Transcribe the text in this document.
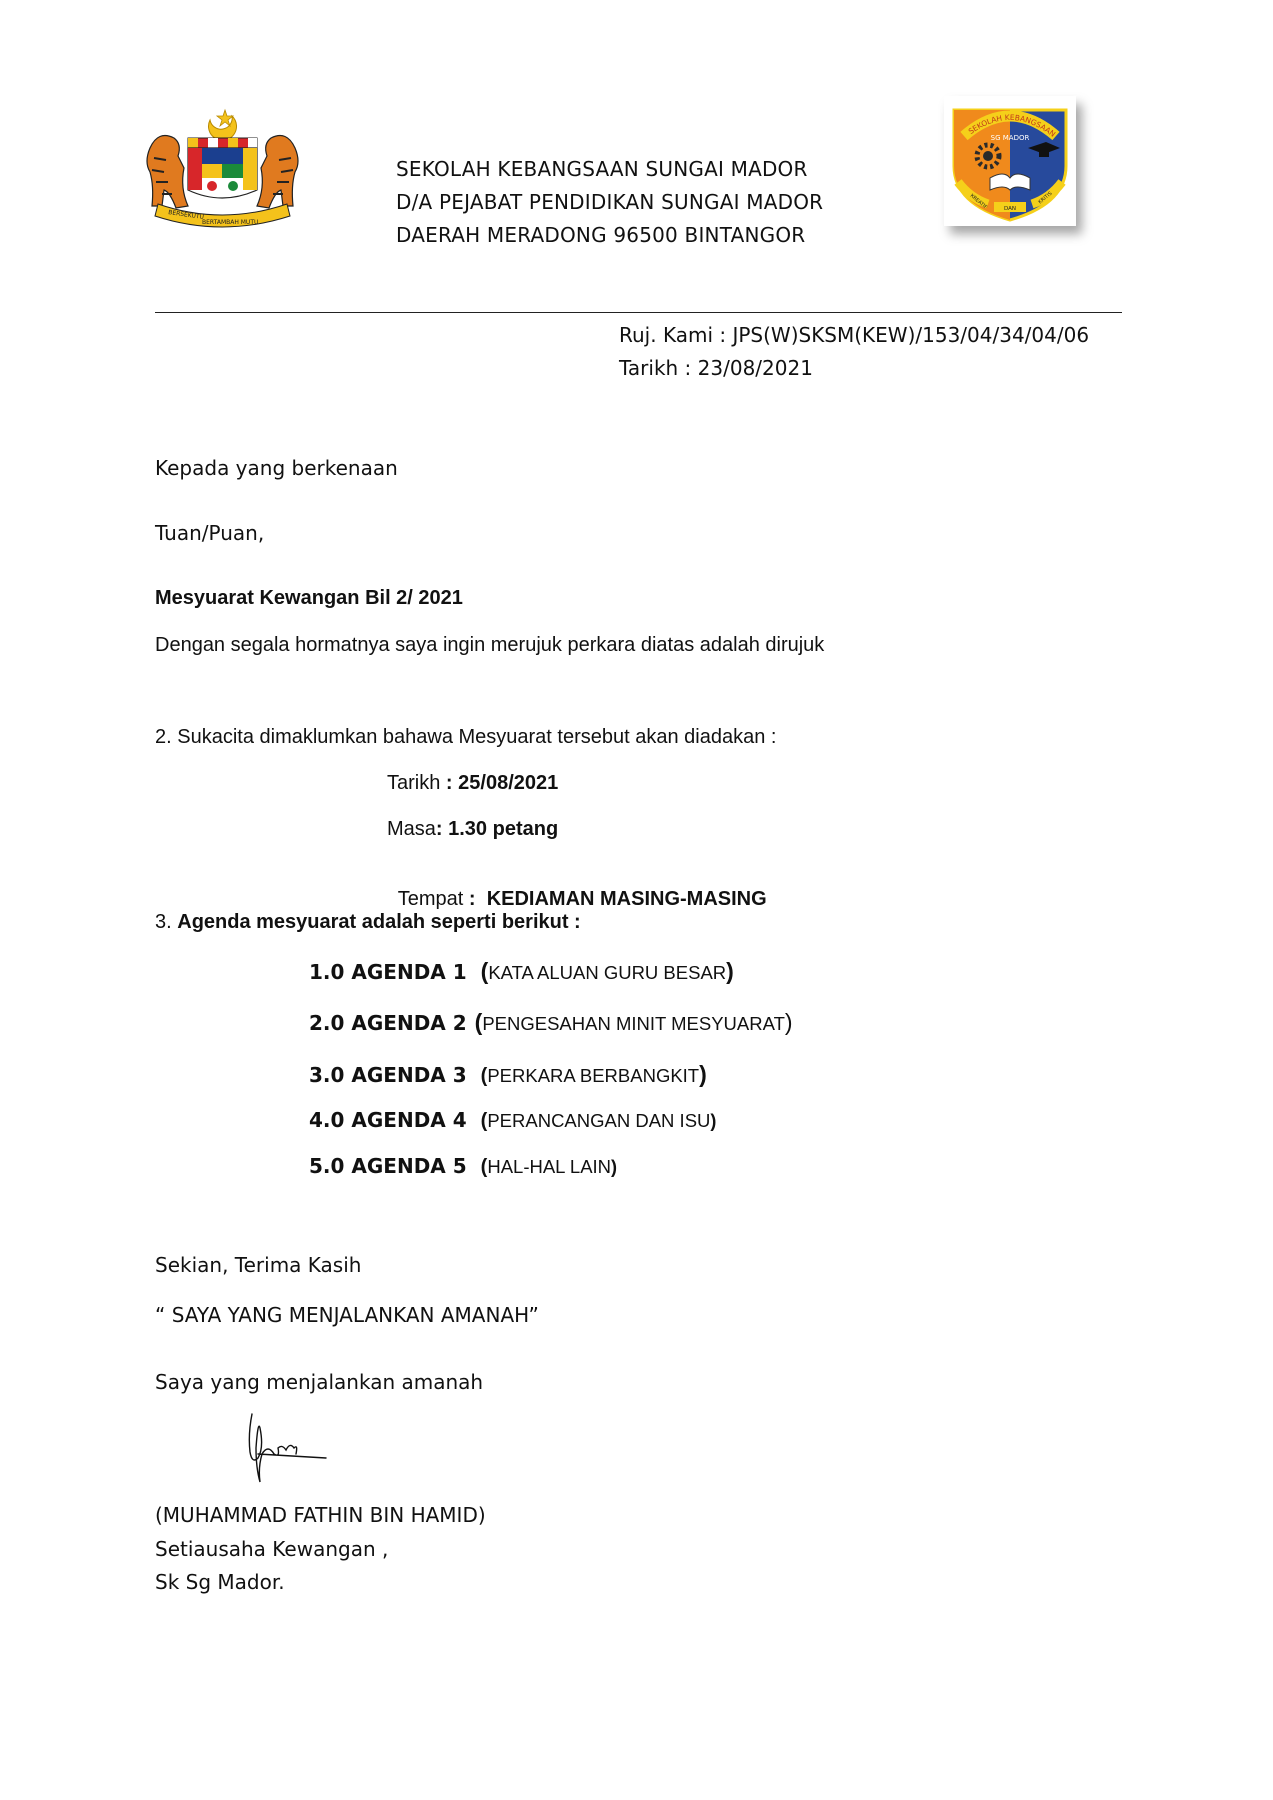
BERSEKUTU
BERTAMBAH MUTU
SEKOLAH KEBANGSAAN SUNGAI MADOR
D/A PEJABAT PENDIDIKAN SUNGAI MADOR
DAERAH MERADONG 96500 BINTANGOR
SEKOLAH KEBANGSAAN
SG MADOR
KREATIF	DAN
KRITIS
Ruj. Kami : JPS(W)SKSM(KEW)/153/04/34/04/06
Tarikh : 23/08/2021
Kepada yang berkenaan
Tuan/Puan,
Mesyuarat Kewangan Bil 2/ 2021
Dengan segala hormatnya saya ingin merujuk perkara diatas adalah dirujuk
2. Sukacita dimaklumkan bahawa Mesyuarat tersebut akan diadakan :
Tarikh : 25/08/2021
Masa: 1.30 petang

Tempat :  KEDIAMAN MASING-MASING

3. Agenda mesyuarat adalah seperti berikut :
1.0 AGENDA 1 (KATA ALUAN GURU BESAR)
2.0 AGENDA 2 (PENGESAHAN MINIT MESYUARAT)
3.0 AGENDA 3 (PERKARA BERBANGKIT)
4.0 AGENDA 4 (PERANCANGAN DAN ISU)
5.0 AGENDA 5 (HAL-HAL LAIN)
Sekian, Terima Kasih
“ SAYA YANG MENJALANKAN AMANAH”
Saya yang menjalankan amanah
(MUHAMMAD FATHIN BIN HAMID)
Setiausaha Kewangan ,
Sk Sg Mador.
